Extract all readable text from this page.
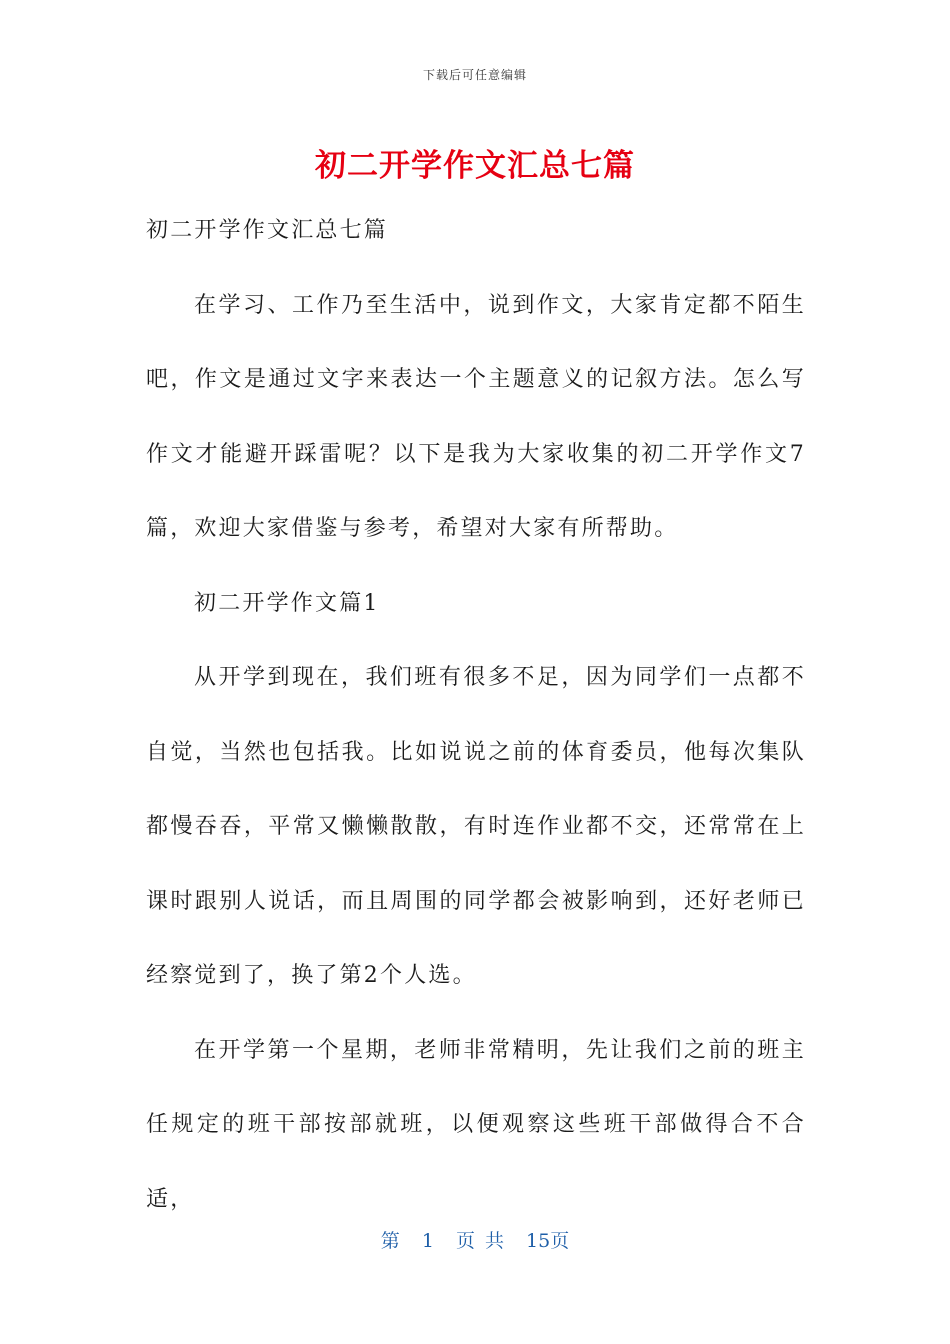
下载后可任意编辑
初二开学作文汇总七篇

初二开学作文汇总七篇

在学习、工作乃至生活中，说到作文，大家肯定都不陌生吧，作文是通过文字来表达一个主题意义的记叙方法。怎么写作文才能避开踩雷呢？以下是我为大家收集的初二开学作文7篇，欢迎大家借鉴与参考，希望对大家有所帮助。

初二开学作文篇1

从开学到现在，我们班有很多不足，因为同学们一点都不自觉，当然也包括我。比如说说之前的体育委员，他每次集队都慢吞吞，平常又懒懒散散，有时连作业都不交，还常常在上课时跟别人说话，而且周围的同学都会被影响到，还好老师已经察觉到了，换了第2个人选。

在开学第一个星期，老师非常精明，先让我们之前的班主任规定的班干部按部就班，以便观察这些班干部做得合不合适，

第 1 页 共 15页
